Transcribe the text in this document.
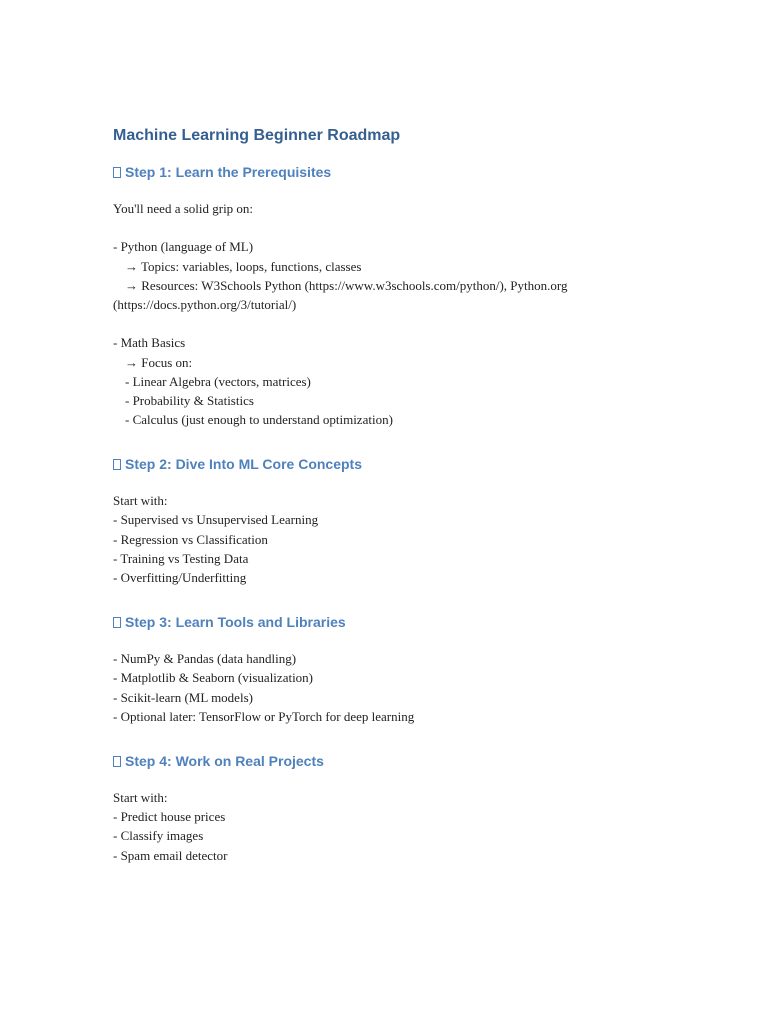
Machine Learning Beginner Roadmap
Step 1: Learn the Prerequisites

You'll need a solid grip on:

- Python (language of ML)

→ Topics: variables, loops, functions, classes

→ Resources: W3Schools Python (https://www.w3schools.com/python/), Python.org

(https://docs.python.org/3/tutorial/)

- Math Basics

→ Focus on:

- Linear Algebra (vectors, matrices)

- Probability & Statistics

- Calculus (just enough to understand optimization)

Step 2: Dive Into ML Core Concepts

Start with:

- Supervised vs Unsupervised Learning

- Regression vs Classification

- Training vs Testing Data

- Overfitting/Underfitting

Step 3: Learn Tools and Libraries

- NumPy & Pandas (data handling)

- Matplotlib & Seaborn (visualization)

- Scikit-learn (ML models)

- Optional later: TensorFlow or PyTorch for deep learning

Step 4: Work on Real Projects

Start with:

- Predict house prices

- Classify images

- Spam email detector
